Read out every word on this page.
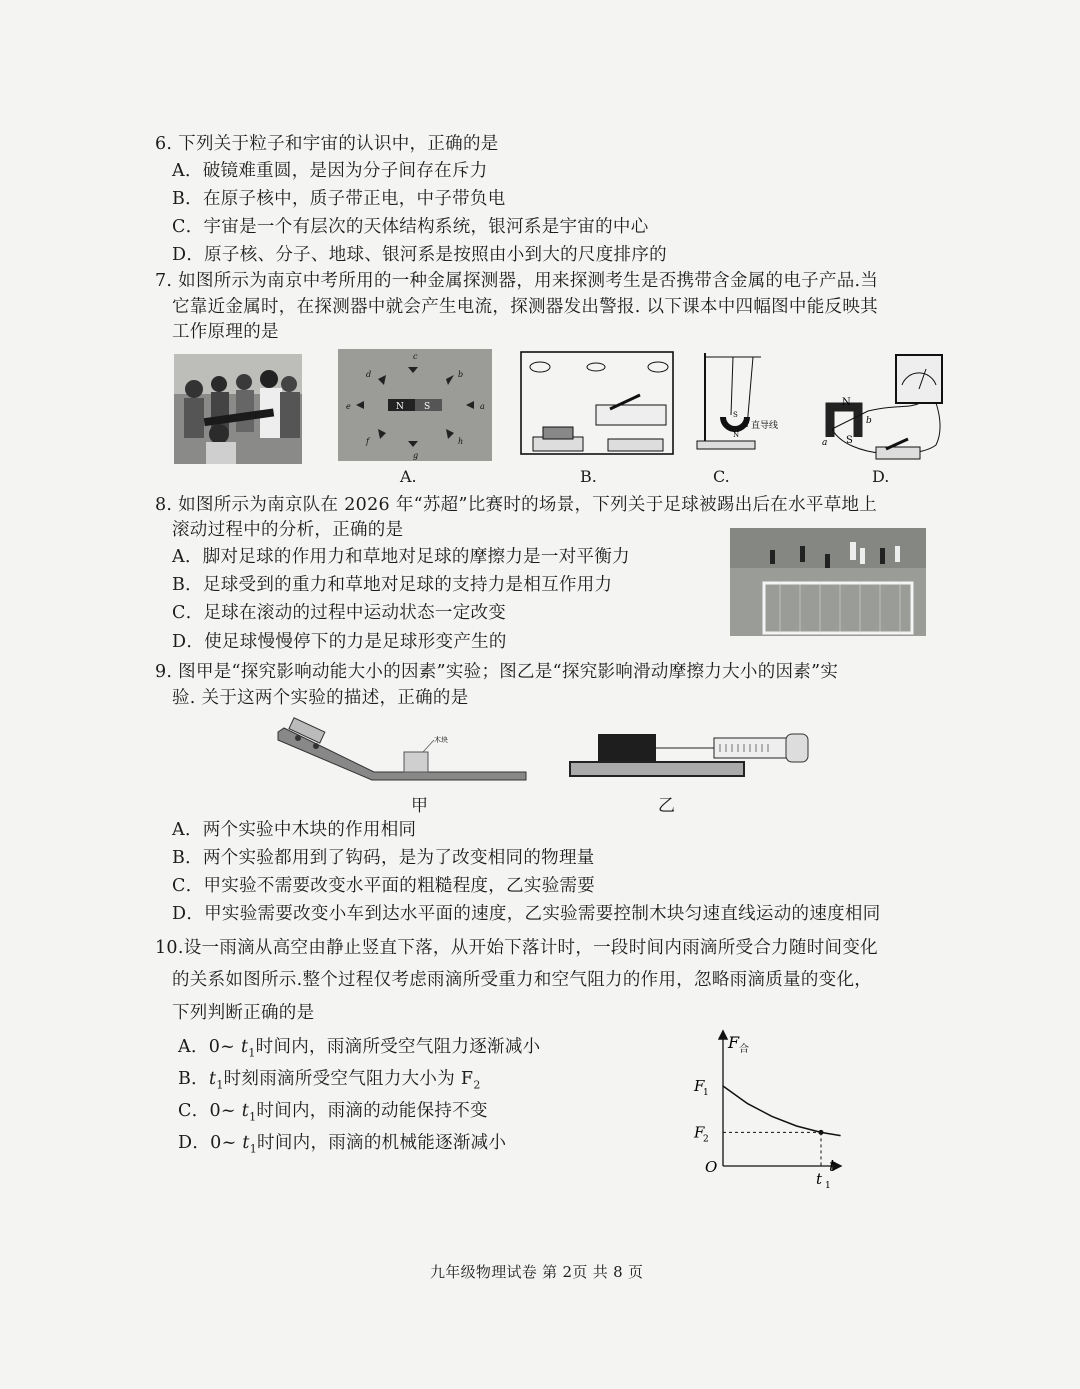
6. 下列关于粒子和宇宙的认识中，正确的是
A．破镜难重圆，是因为分子间存在斥力
B．在原子核中，质子带正电，中子带负电
C．宇宙是一个有层次的天体结构系统，银河系是宇宙的中心
D．原子核、分子、地球、银河系是按照由小到大的尺度排序的
7. 如图所示为南京中考所用的一种金属探测器，用来探测考生是否携带含金属的电子产品.当
它靠近金属时，在探测器中就会产生电流，探测器发出警报. 以下课本中四幅图中能反映其
工作原理的是
c
d	b
e	a
f
g
h
N S
S
N
直导线
N
S
a
b
A.	B.	C.	D.
8. 如图所示为南京队在 2026 年“苏超”比赛时的场景，下列关于足球被踢出后在水平草地上
滚动过程中的分析，正确的是
A．脚对足球的作用力和草地对足球的摩擦力是一对平衡力
B．足球受到的重力和草地对足球的支持力是相互作用力
C．足球在滚动的过程中运动状态一定改变
D．使足球慢慢停下的力是足球形变产生的
9. 图甲是“探究影响动能大小的因素”实验；图乙是“探究影响滑动摩擦力大小的因素”实
验. 关于这两个实验的描述，正确的是
木块
甲	乙
A．两个实验中木块的作用相同
B．两个实验都用到了钩码，是为了改变相同的物理量
C．甲实验不需要改变水平面的粗糙程度，乙实验需要
D．甲实验需要改变小车到达水平面的速度，乙实验需要控制木块匀速直线运动的速度相同
10.设一雨滴从高空由静止竖直下落，从开始下落计时，一段时间内雨滴所受合力随时间变化
的关系如图所示.整个过程仅考虑雨滴所受重力和空气阻力的作用，忽略雨滴质量的变化，
下列判断正确的是
A．0~ $t_1$时间内，雨滴所受空气阻力逐渐减小
B．$t_1$时刻雨滴所受空气阻力大小为 $F_2$
C．0~ $t_1$时间内，雨滴的动能保持不变
D．0~ $t_1$时间内，雨滴的机械能逐渐减小
F 合
t
O
F
1
F
2
t 1
九年级物理试卷 第 2页 共 8 页
